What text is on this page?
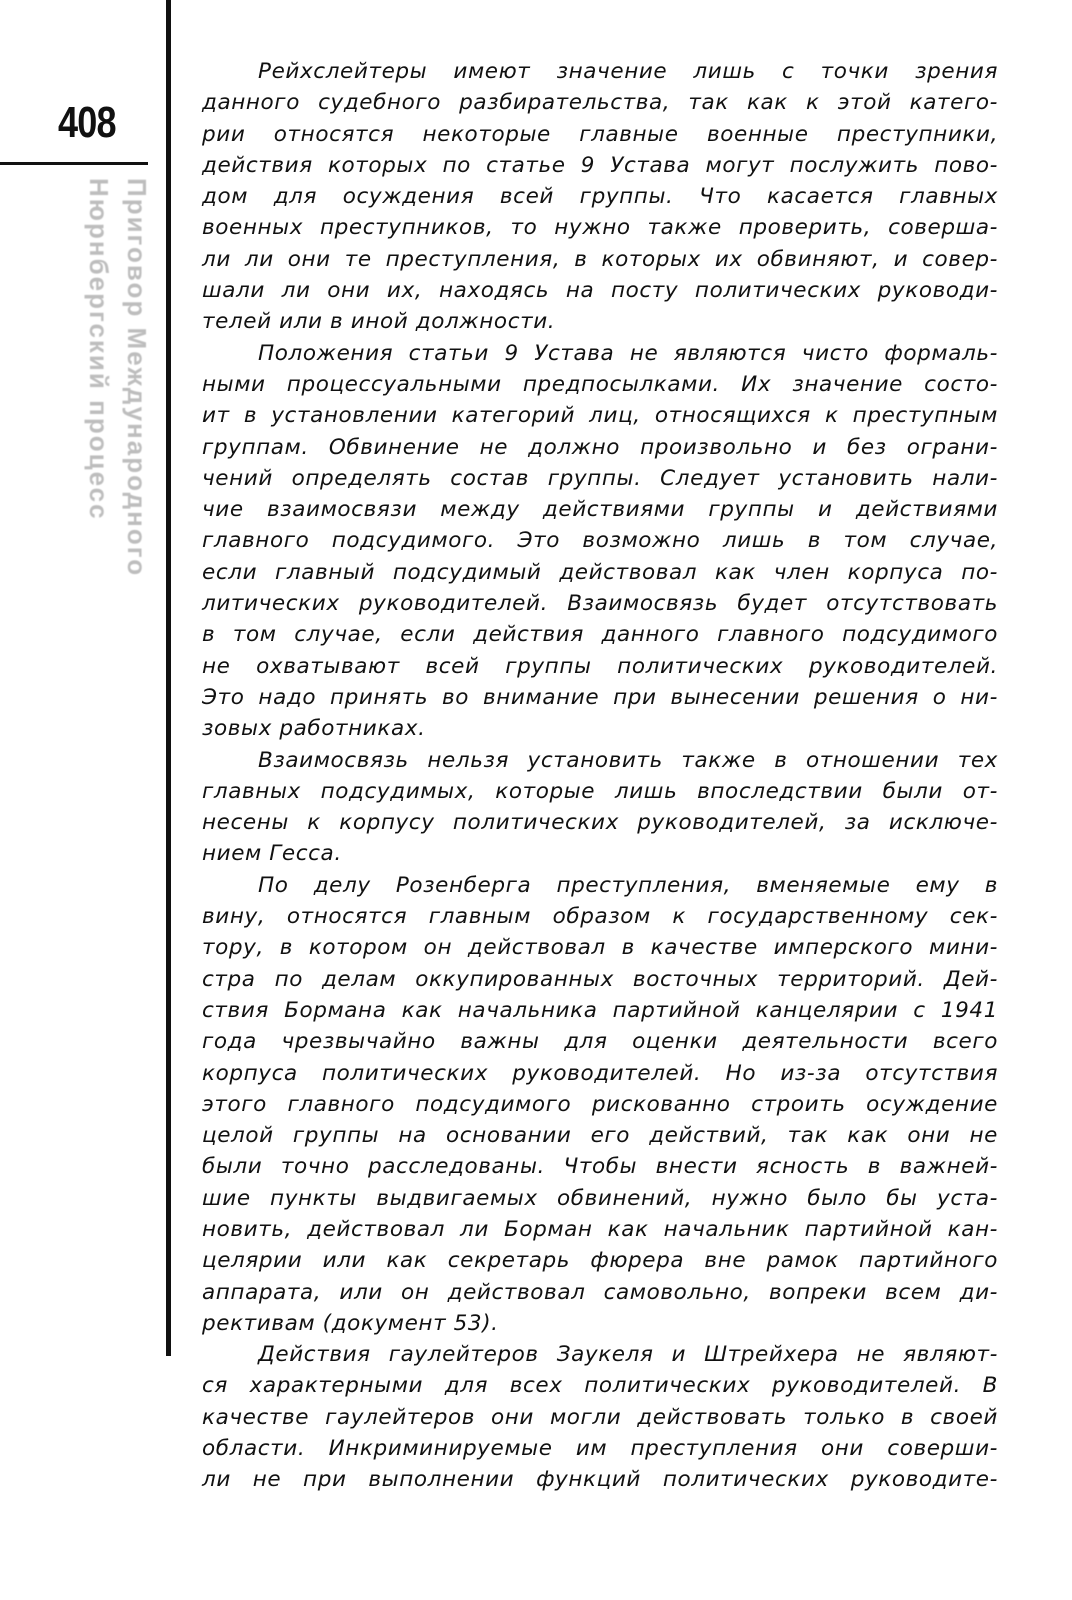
408
Нюрнбергский процесс Приговор Международного
Рейхслейтеры имеют значение лишь с точки зрения
данного судебного разбирательства, так как к этой катего-
рии относятся некоторые главные военные преступники,
действия которых по статье 9 Устава могут послужить пово-
дом для осуждения всей группы. Что касается главных
военных преступников, то нужно также проверить, соверша-
ли ли они те преступления, в которых их обвиняют, и совер-
шали ли они их, находясь на посту политических руководи-
телей или в иной должности.
Положения статьи 9 Устава не являются чисто формаль-
ными процессуальными предпосылками. Их значение состо-
ит в установлении категорий лиц, относящихся к преступным
группам. Обвинение не должно произвольно и без ограни-
чений определять состав группы. Следует установить нали-
чие взаимосвязи между действиями группы и действиями
главного подсудимого. Это возможно лишь в том случае,
если главный подсудимый действовал как член корпуса по-
литических руководителей. Взаимосвязь будет отсутствовать
в том случае, если действия данного главного подсудимого
не охватывают всей группы политических руководителей.
Это надо принять во внимание при вынесении решения о ни-
зовых работниках.
Взаимосвязь нельзя установить также в отношении тех
главных подсудимых, которые лишь впоследствии были от-
несены к корпусу политических руководителей, за исключе-
нием Гесса.
По делу Розенберга преступления, вменяемые ему в
вину, относятся главным образом к государственному сек-
тору, в котором он действовал в качестве имперского мини-
стра по делам оккупированных восточных территорий. Дей-
ствия Бормана как начальника партийной канцелярии с 1941
года чрезвычайно важны для оценки деятельности всего
корпуса политических руководителей. Но из-за отсутствия
этого главного подсудимого рискованно строить осуждение
целой группы на основании его действий, так как они не
были точно расследованы. Чтобы внести ясность в важней-
шие пункты выдвигаемых обвинений, нужно было бы уста-
новить, действовал ли Борман как начальник партийной кан-
целярии или как секретарь фюрера вне рамок партийного
аппарата, или он действовал самовольно, вопреки всем ди-
рективам (документ 53).
Действия гаулейтеров Заукеля и Штрейхера не являют-
ся характерными для всех политических руководителей. В
качестве гаулейтеров они могли действовать только в своей
области. Инкриминируемые им преступления они соверши-
ли не при выполнении функций политических руководите-
